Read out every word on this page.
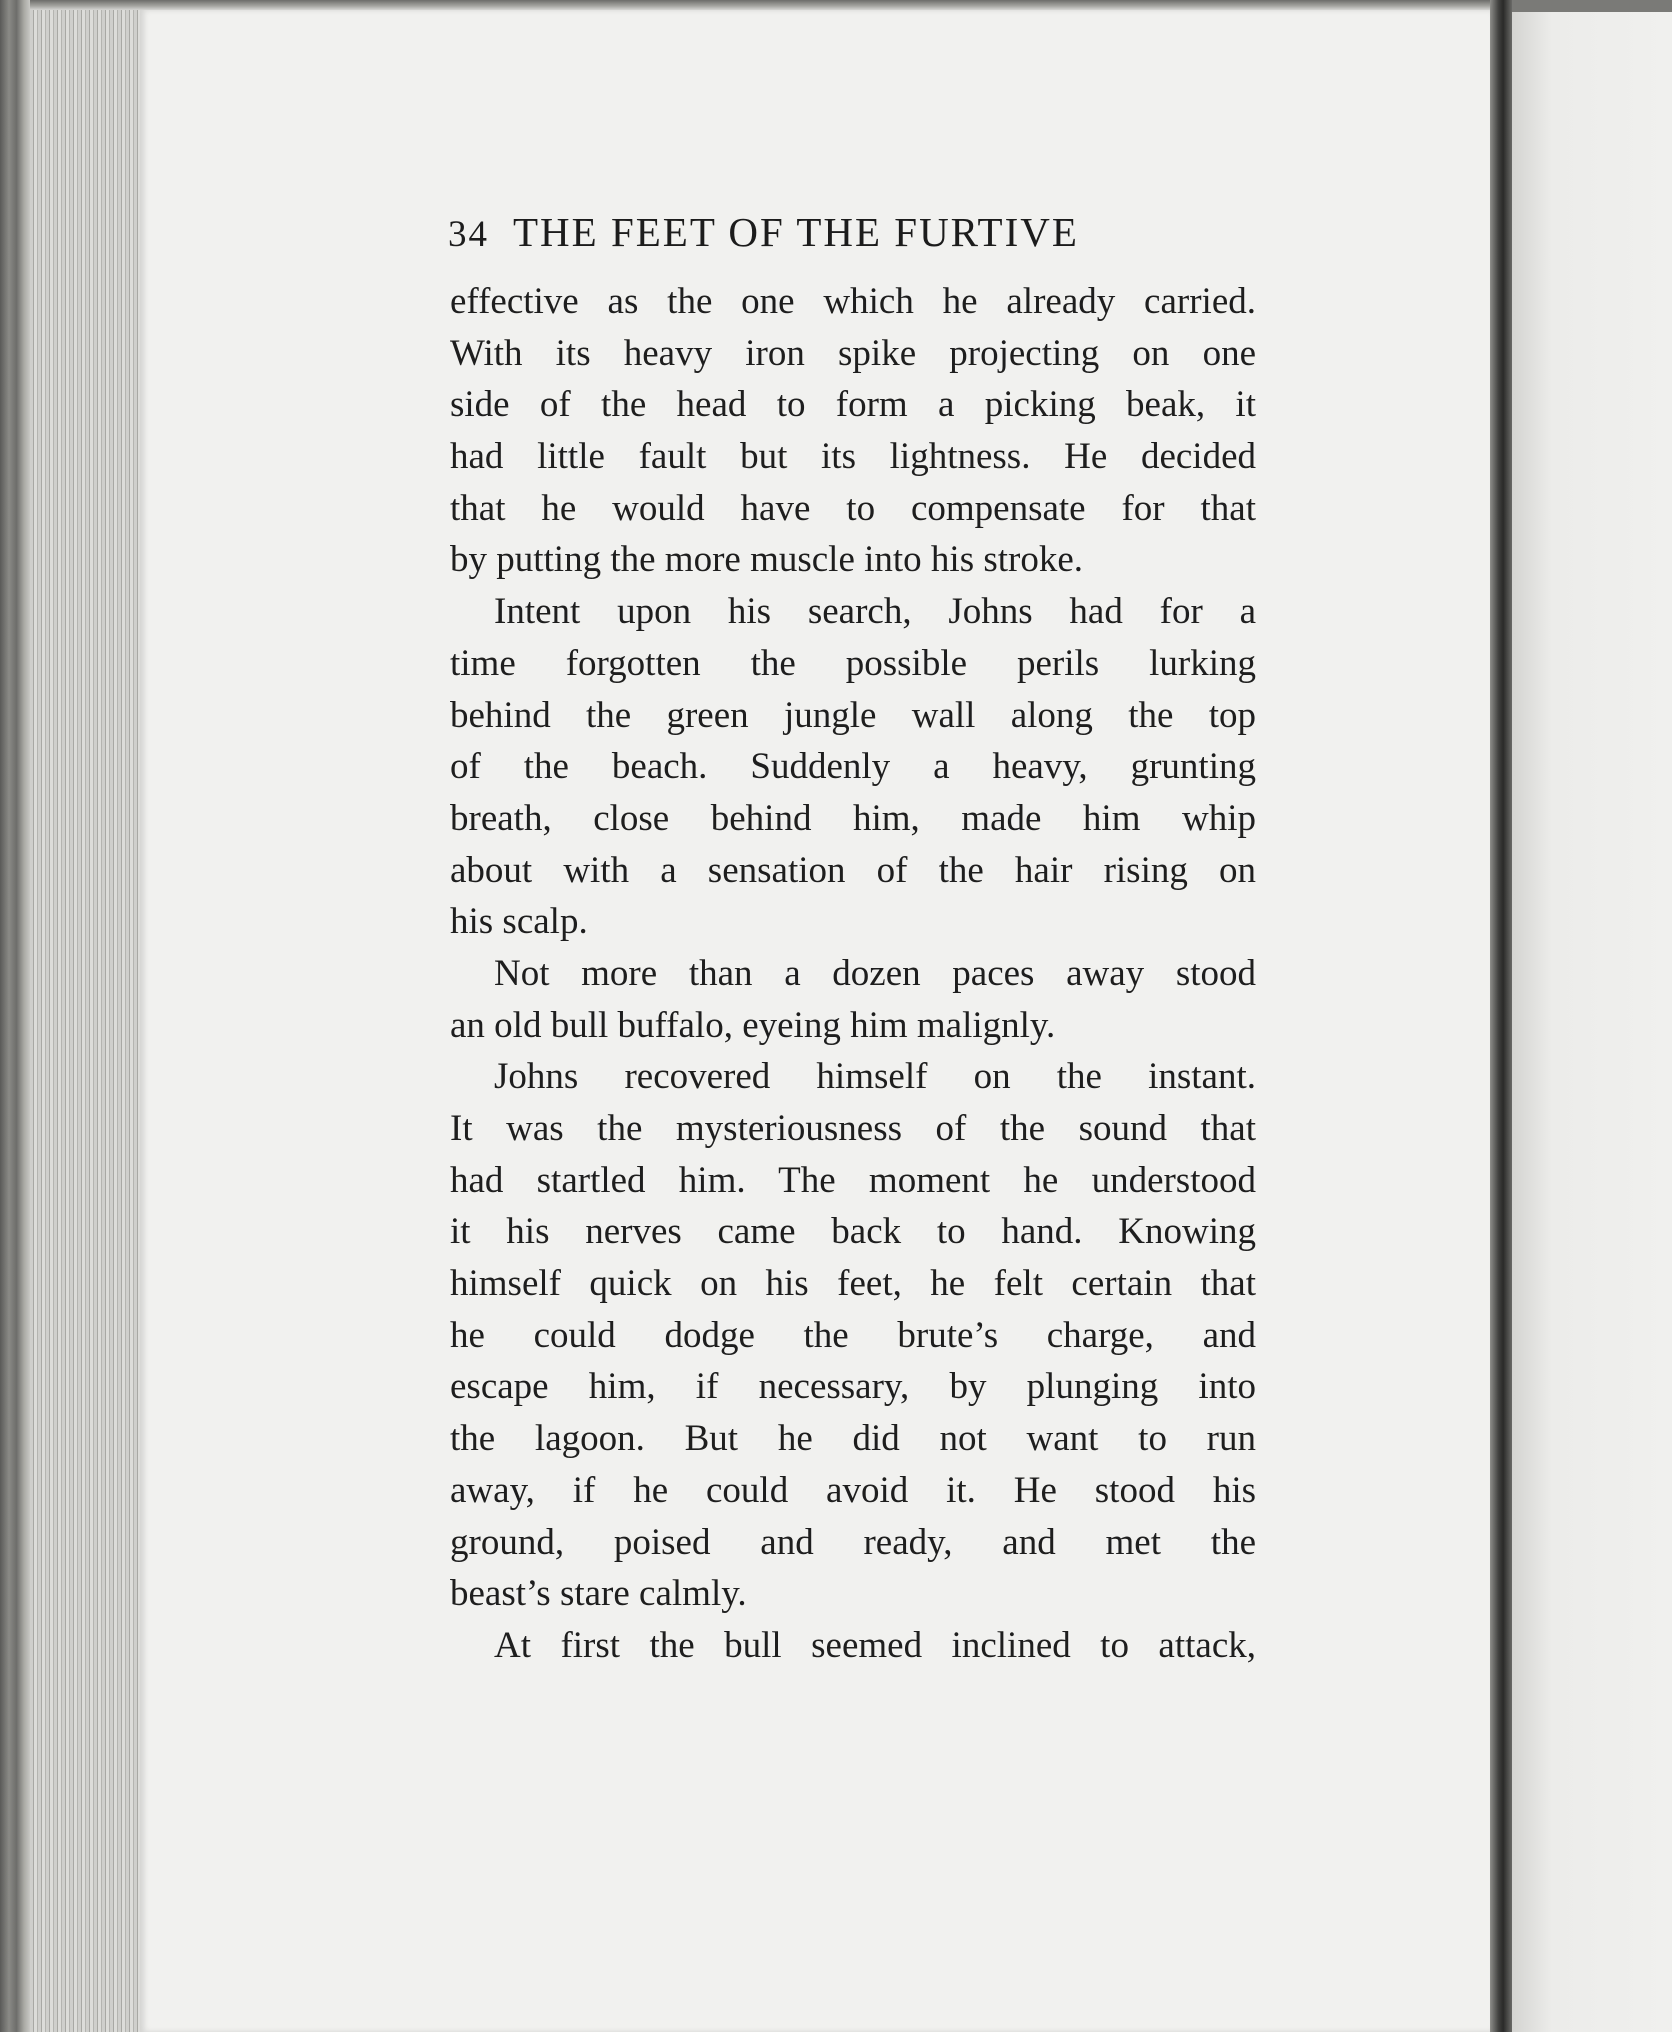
34 THE FEET OF THE FURTIVE
effective as the one which he already carried.
With its heavy iron spike projecting on one
side of the head to form a picking beak, it
had little fault but its lightness. He decided
that he would have to compensate for that
by putting the more muscle into his stroke.
Intent upon his search, Johns had for a
time forgotten the possible perils lurking
behind the green jungle wall along the top
of the beach. Suddenly a heavy, grunting
breath, close behind him, made him whip
about with a sensation of the hair rising on
his scalp.
Not more than a dozen paces away stood
an old bull buffalo, eyeing him malignly.
Johns recovered himself on the instant.
It was the mysteriousness of the sound that
had startled him. The moment he understood
it his nerves came back to hand. Knowing
himself quick on his feet, he felt certain that
he could dodge the brute’s charge, and
escape him, if necessary, by plunging into
the lagoon. But he did not want to run
away, if he could avoid it. He stood his
ground, poised and ready, and met the
beast’s stare calmly.
At first the bull seemed inclined to attack,
